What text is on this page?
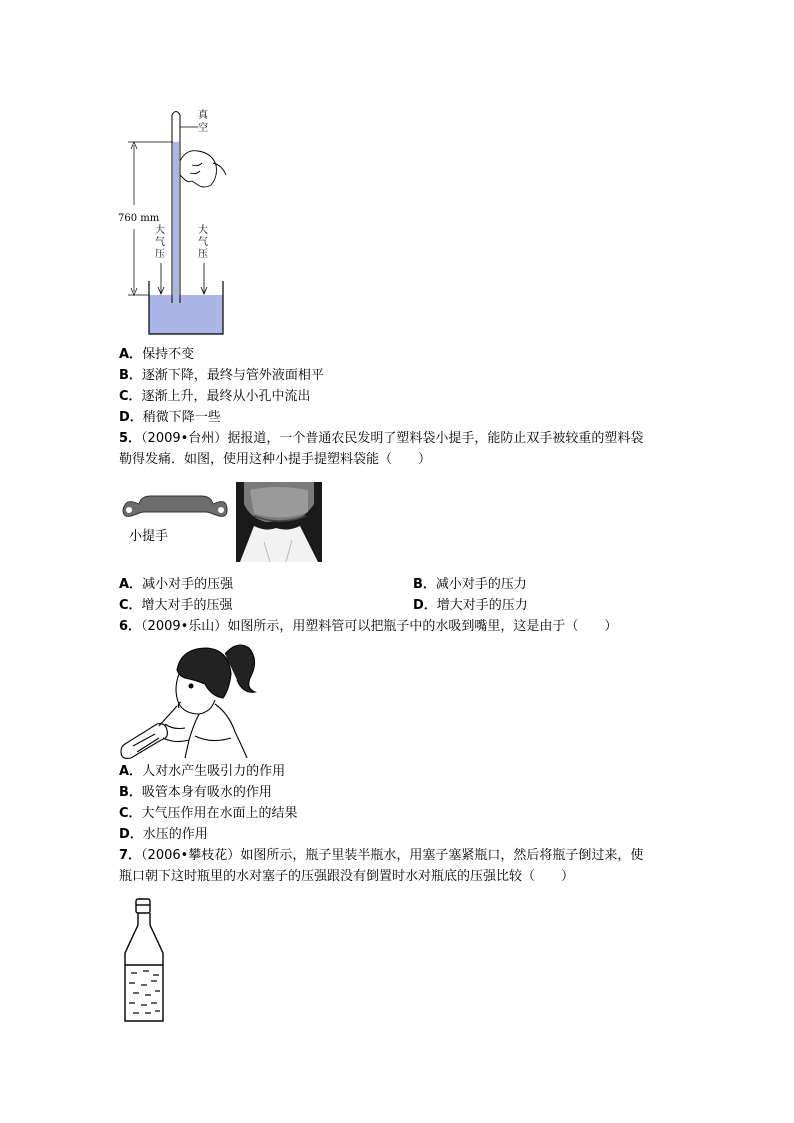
真
空
760 mm
大
气
压
大
气
压
A．保持不变
B．逐渐下降，最终与管外液面相平
C．逐渐上升，最终从小孔中流出
D．稍微下降一些
5．（2009•台州）据报道，一个普通农民发明了塑料袋小提手，能防止双手被较重的塑料袋
勒得发痛．如图，使用这种小提手提塑料袋能（　　）
小提手
A．减小对手的压强	B．减小对手的压力
C．增大对手的压强	D．增大对手的压力
6．（2009•乐山）如图所示，用塑料管可以把瓶子中的水吸到嘴里，这是由于（　　）
A．人对水产生吸引力的作用
B．吸管本身有吸水的作用
C．大气压作用在水面上的结果
D．水压的作用
7．（2006•攀枝花）如图所示，瓶子里装半瓶水，用塞子塞紧瓶口，然后将瓶子倒过来，使
瓶口朝下这时瓶里的水对塞子的压强跟没有倒置时水对瓶底的压强比较（　　）
